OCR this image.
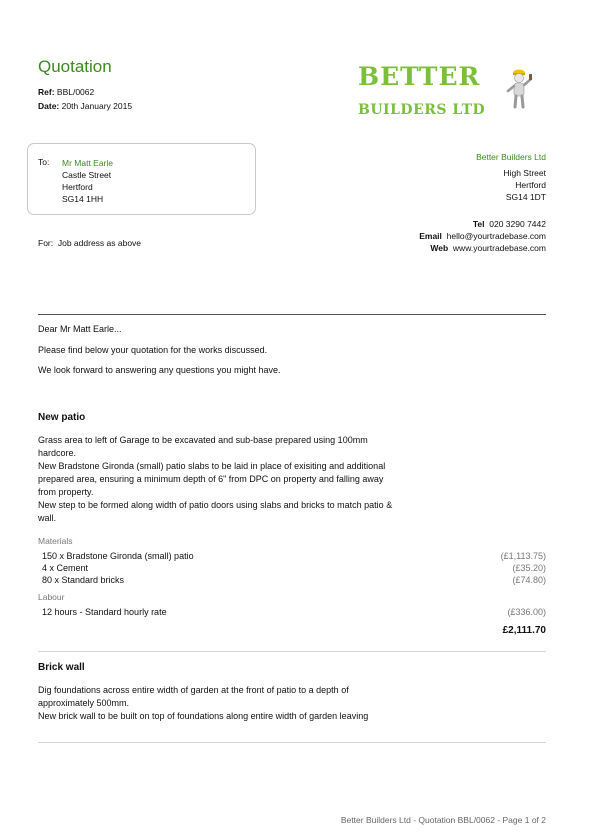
Quotation
Ref: BBL/0062
Date: 20th January 2015
BETTER
BUILDERS LTD
To: Mr Matt Earle
Castle Street
Hertford
SG14 1HH
Better Builders Ltd
High Street
Hertford
SG14 1DT
Tel 020 3290 7442
Email hello@yourtradebase.com
Web www.yourtradebase.com
For: Job address as above
Dear Mr Matt Earle...
Please find below your quotation for the works discussed.
We look forward to answering any questions you might have.
New patio
Grass area to left of Garage to be excavated and sub-base prepared using 100mm
hardcore.
New Bradstone Gironda (small) patio slabs to be laid in place of exisiting and additional
prepared area, ensuring a minimum depth of 6" from DPC on property and falling away
from property.
New step to be formed along width of patio doors using slabs and bricks to match patio &
wall.
Materials
150 x Bradstone Gironda (small) patio	(£1,113.75)
4 x Cement	(£35.20)
80 x Standard bricks	(£74.80)
Labour
12 hours - Standard hourly rate	(£336.00)
£2,111.70
Brick wall
Dig foundations across entire width of garden at the front of patio to a depth of
approximately 500mm.
New brick wall to be built on top of foundations along entire width of garden leaving
Better Builders Ltd - Quotation BBL/0062 - Page 1 of 2
